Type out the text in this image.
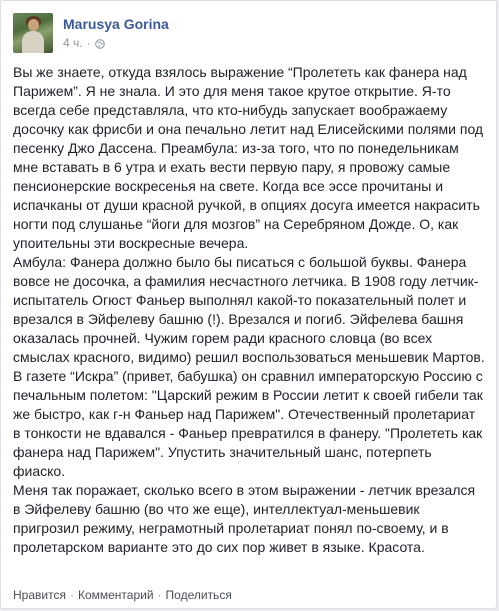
Marusya Gorina
4 ч. ·
Вы же знаете, откуда взялось выражение “Пролететь как фанера над Парижем”. Я не знала. И это для меня такое крутое открытие. Я-то всегда себе представляла, что кто-нибудь запускает воображаему досочку как фрисби и она печально летит над Елисейскими полями под песенку Джо Дассена. Преамбула: из-за того, что по понедельникам мне вставать в 6 утра и ехать вести первую пару, я провожу самые пенсионерские воскресенья на свете. Когда все эссе прочитаны и испачканы от души красной ручкой, в опциях досуга имеется накрасить ногти под слушанье “йоги для мозгов” на Серебряном Дожде. О, как упоительны эти воскресные вечера.
Амбула: Фанера должно было бы писаться с большой буквы. Фанера вовсе не досочка, а фамилия несчастного летчика. В 1908 году летчик-испытатель Огюст Фаньер выполнял какой-то показательный полет и врезался в Эйфелеву башню (!). Врезался и погиб. Эйфелева башня оказалась прочней. Чужим горем ради красного словца (во всех смыслах красного, видимо) решил воспользоваться меньшевик Мартов. В газете “Искра” (привет, бабушка) он сравнил императорскую Россию с печальным полетом: "Царский режим в России летит к своей гибели так же быстро, как г-н Фаньер над Парижем". Отечественный пролетариат в тонкости не вдавался - Фаньер превратился в фанеру. "Пролететь как фанера над Парижем". Упустить значительный шанс, потерпеть фиаско.
Меня так поражает, сколько всего в этом выражении - летчик врезался в Эйфелеву башню (во что же еще), интеллектуал-меньшевик пригрозил режиму, неграмотный пролетариат понял по-своему, и в пролетарском варианте это до сих пор живет в языке. Красота.
Нравится · Комментарий · Поделиться
